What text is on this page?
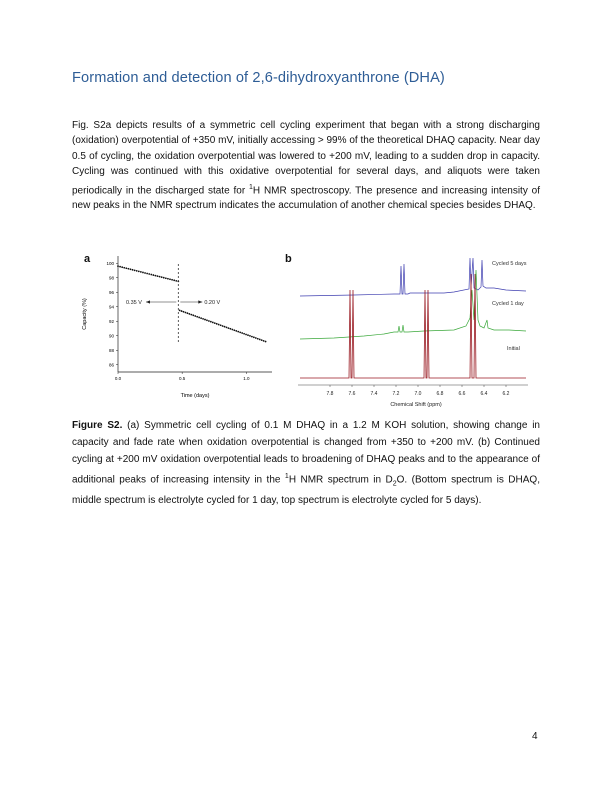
Formation and detection of 2,6-dihydroxyanthrone (DHA)
Fig. S2a depicts results of a symmetric cell cycling experiment that began with a strong discharging (oxidation) overpotential of +350 mV, initially accessing > 99% of the theoretical DHAQ capacity. Near day 0.5 of cycling, the oxidation overpotential was lowered to +200 mV, leading to a sudden drop in capacity. Cycling was continued with this oxidative overpotential for several days, and aliquots were taken periodically in the discharged state for $^1$H NMR spectroscopy. The presence and increasing intensity of new peaks in the NMR spectrum indicates the accumulation of another chemical species besides DHAQ.
a	b
100
98
96
94
92
90
88
86
0.0	0.5	1.0
0.35 V	0.20 V
Capacity (%)
Time (days)
Cycled 5 days
Cycled 1 day
Initial
7.8	7.6	7.4	7.2	7.0	6.8	6.6	6.4	6.2
Chemical Shift (ppm)
Figure S2. (a) Symmetric cell cycling of 0.1 M DHAQ in a 1.2 M KOH solution, showing change in capacity and fade rate when oxidation overpotential is changed from +350 to +200 mV. (b) Continued cycling at +200 mV oxidation overpotential leads to broadening of DHAQ peaks and to the appearance of additional peaks of increasing intensity in the $^1$H NMR spectrum in $D_2O$. (Bottom spectrum is DHAQ, middle spectrum is electrolyte cycled for 1 day, top spectrum is electrolyte cycled for 5 days).
4
